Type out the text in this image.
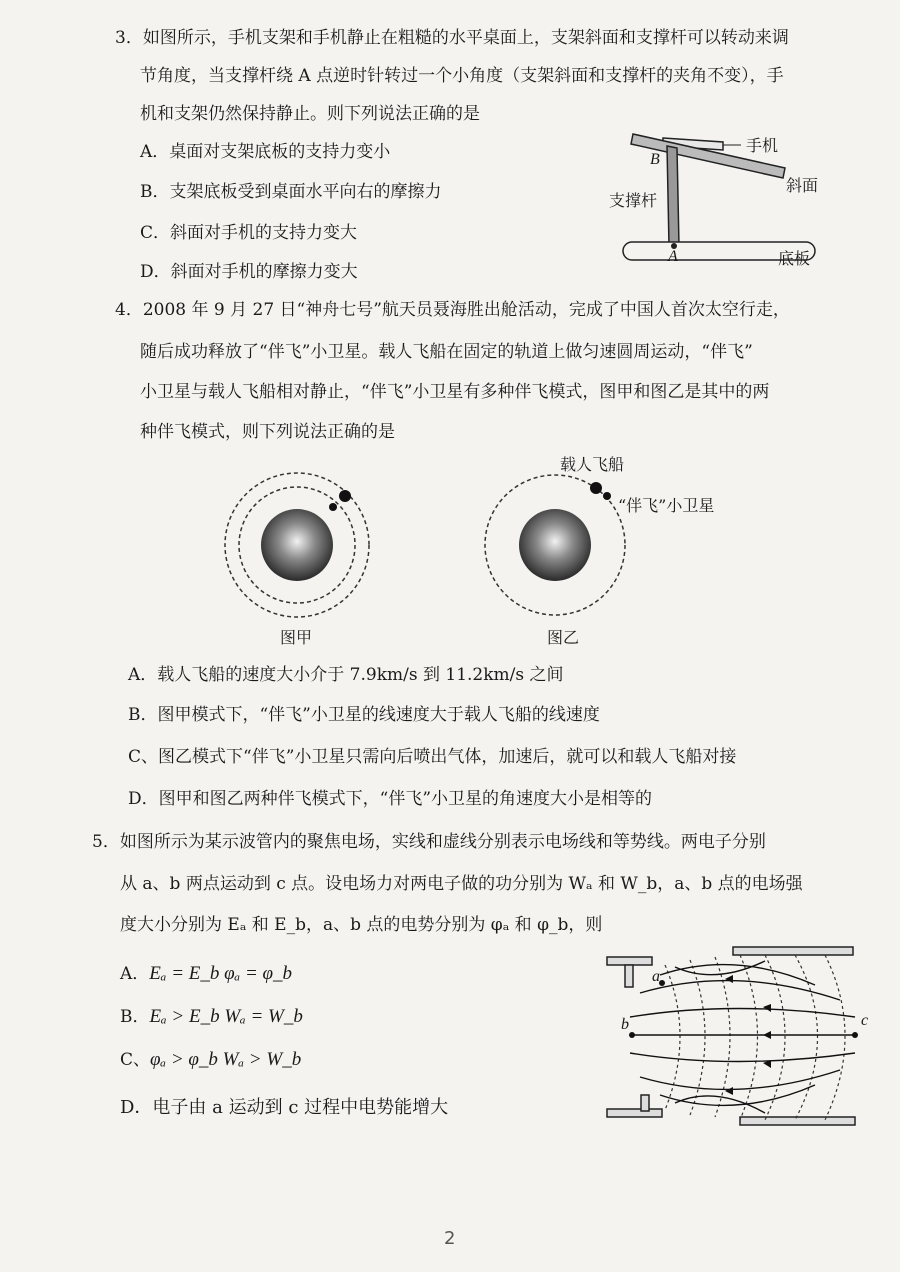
3．如图所示，手机支架和手机静止在粗糙的水平桌面上，支架斜面和支撑杆可以转动来调
节角度，当支撑杆绕 A 点逆时针转过一个小角度（支架斜面和支撑杆的夹角不变），手
机和支架仍然保持静止。则下列说法正确的是
A．桌面对支架底板的支持力变小
B．支架底板受到桌面水平向右的摩擦力
C．斜面对手机的支持力变大
D．斜面对手机的摩擦力变大
手机
斜面
支撑杆
底板
B
A
4．2008 年 9 月 27 日“神舟七号”航天员聂海胜出舱活动，完成了中国人首次太空行走，
随后成功释放了“伴飞”小卫星。载人飞船在固定的轨道上做匀速圆周运动，“伴飞”
小卫星与载人飞船相对静止，“伴飞”小卫星有多种伴飞模式，图甲和图乙是其中的两
种伴飞模式，则下列说法正确的是
图甲
载人飞船
“伴飞”小卫星
图乙
A．载人飞船的速度大小介于 7.9km/s 到 11.2km/s 之间
B．图甲模式下，“伴飞”小卫星的线速度大于载人飞船的线速度
C、图乙模式下“伴飞”小卫星只需向后喷出气体，加速后，就可以和载人飞船对接
D．图甲和图乙两种伴飞模式下，“伴飞”小卫星的角速度大小是相等的
5．如图所示为某示波管内的聚焦电场，实线和虚线分别表示电场线和等势线。两电子分别
从 a、b 两点运动到 c 点。设电场力对两电子做的功分别为 Wₐ 和 W_b，a、b 点的电场强
度大小分别为 Eₐ 和 E_b，a、b 点的电势分别为 φₐ 和 φ_b，则
A．Eₐ = E_b φₐ = φ_b
B．Eₐ > E_b Wₐ = W_b
C、φₐ > φ_b Wₐ > W_b
D．电子由 a 运动到 c 过程中电势能增大
a
b	c
2
